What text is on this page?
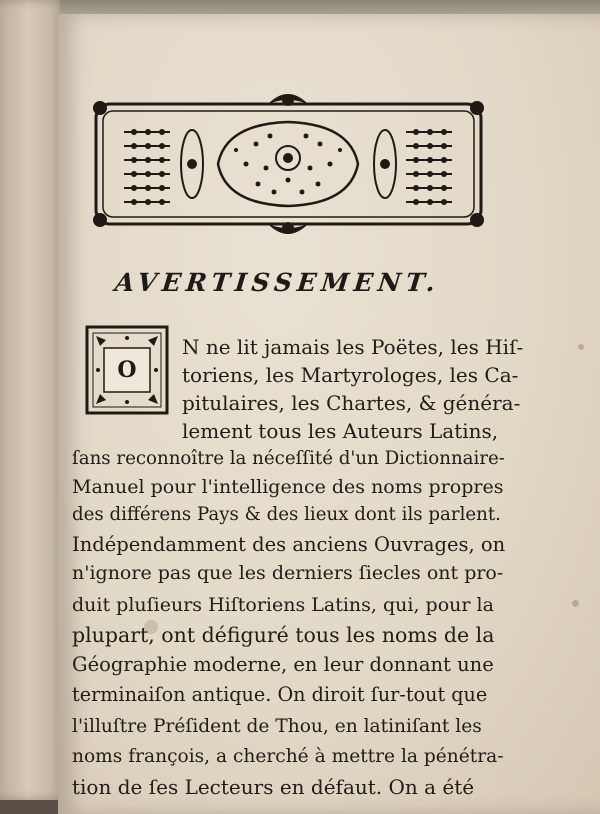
AVERTISSEMENT.
O
N ne lit jamais les Poëtes, les Hiſ-
toriens, les Martyrologes, les Ca-
pitulaires, les Chartes, & généra-
lement tous les Auteurs Latins,
ſans reconnoître la néceſſité d'un Dictionnaire-
Manuel pour l'intelligence des noms propres
des différens Pays & des lieux dont ils parlent.
Indépendamment des anciens Ouvrages, on
n'ignore pas que les derniers ſiecles ont pro-
duit pluſieurs Hiſtoriens Latins, qui, pour la
plupart, ont défiguré tous les noms de la
Géographie moderne, en leur donnant une
terminaiſon antique. On diroit ſur-tout que
l'illuſtre Préſident de Thou, en latiniſant les
noms françois, a cherché à mettre la pénétra-
tion de ſes Lecteurs en défaut. On a été
